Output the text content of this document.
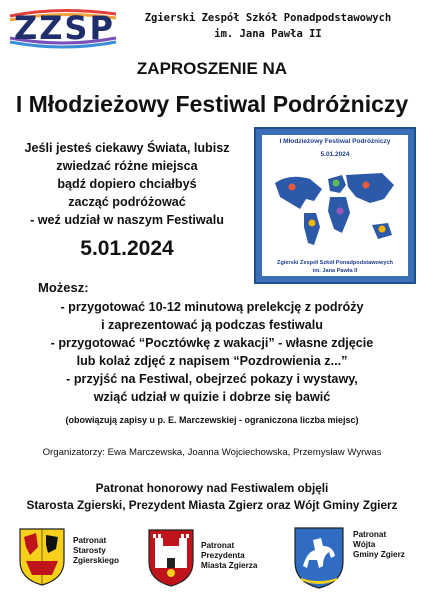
ZZSP	Zgierski Zespół Szkół Ponadpodstawowych
im. Jana Pawła II
ZAPROSZENIE NA
I Młodzieżowy Festiwal Podróżniczy
Jeśli jesteś ciekawy Świata, lubisz
zwiedzać różne miejsca
bądź dopiero chciałbyś
zacząć podróżować
- weź udział w naszym Festiwalu
5.01.2024
I Młodzieżowy Festiwal Podróżniczy
5.01.2024
Zgierski Zespół Szkół Ponadpodstawowych
im. Jana Pawła II
Możesz:
- przygotować 10-12 minutową prelekcję z podróży
i zaprezentować ją podczas festiwalu
- przygotować “Pocztówkę z wakacji” - własne zdjęcie
lub kolaż zdjęć z napisem “Pozdrowienia z...”
- przyjść na Festiwal, obejrzeć pokazy i wystawy,
wziąć udział w quizie i dobrze się bawić
(obowiązują zapisy u p. E. Marczewskiej - ograniczona liczba miejsc)
Organizatorzy: Ewa Marczewska, Joanna Wojciechowska, Przemysław Wyrwas
Patronat honorowy nad Festiwalem objęli
Starosta Zgierski, Prezydent Miasta Zgierz oraz Wójt Gminy Zgierz
Patronat
Starosty
Zgierskiego
Patronat
Prezydenta
Miasta Zgierza
Patronat
Wójta
Gminy Zgierz
